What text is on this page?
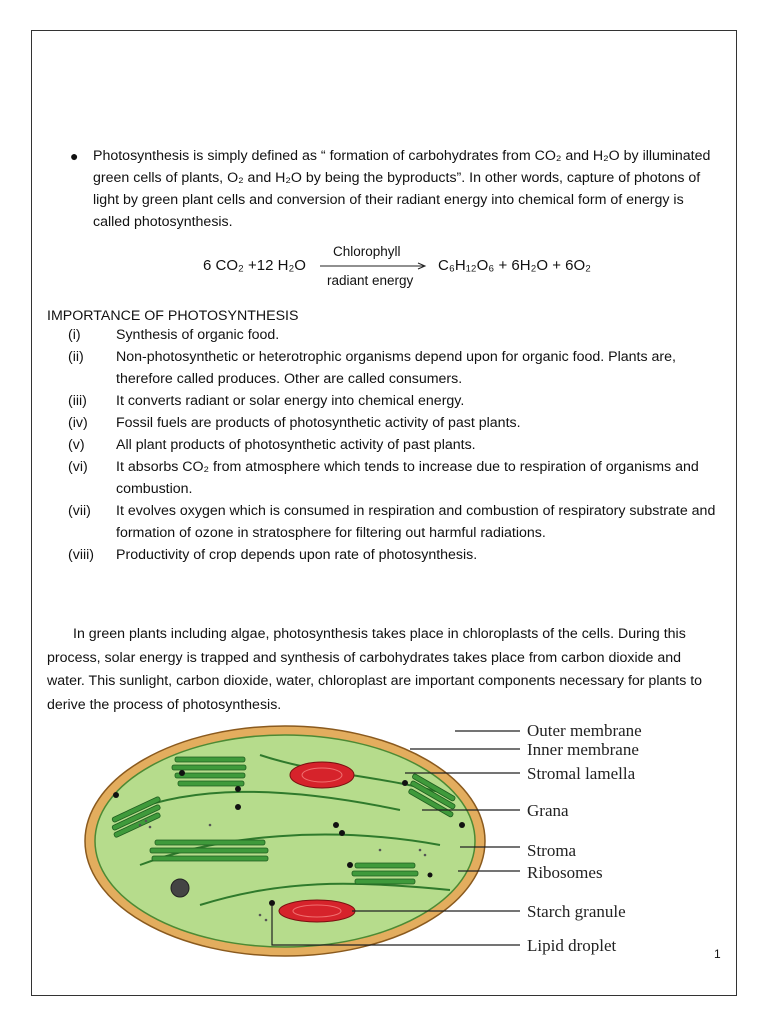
● Photosynthesis is simply defined as “ formation of carbohydrates from CO₂ and H₂O by illuminated green cells of plants, O₂ and H₂O by being the byproducts”. In other words, capture of photons of light by green plant cells and conversion of their radiant energy into chemical form of energy is called photosynthesis.
6 CO₂ +12 H₂O
Chlorophyll
radiant energy
C₆H₁₂O₆ + 6H₂O + 6O₂
IMPORTANCE OF PHOTOSYNTHESIS
(i)	Synthesis of organic food.
(ii)	Non-photosynthetic or heterotrophic organisms depend upon for organic food. Plants are, therefore called produces. Other are called consumers.
(iii)	It converts radiant or solar energy into chemical energy.
(iv)	Fossil fuels are products of photosynthetic activity of past plants.
(v)	All plant products of photosynthetic activity of past plants.
(vi)	It absorbs CO₂ from atmosphere which tends to increase due to respiration of organisms and combustion.
(vii)	It evolves oxygen which is consumed in respiration and combustion of respiratory substrate and formation of ozone in stratosphere for filtering out harmful radiations.
(viii)	Productivity of crop depends upon rate of photosynthesis.
In green plants including algae, photosynthesis takes place in chloroplasts of the cells. During this process, solar energy is trapped and synthesis of carbohydrates takes place from carbon dioxide and water. This sunlight, carbon dioxide, water, chloroplast are important components necessary for plants to derive the process of photosynthesis.
Outer membrane
Inner membrane
Stromal lamella
Grana
Stroma
Ribosomes
Starch granule
Lipid droplet	1
